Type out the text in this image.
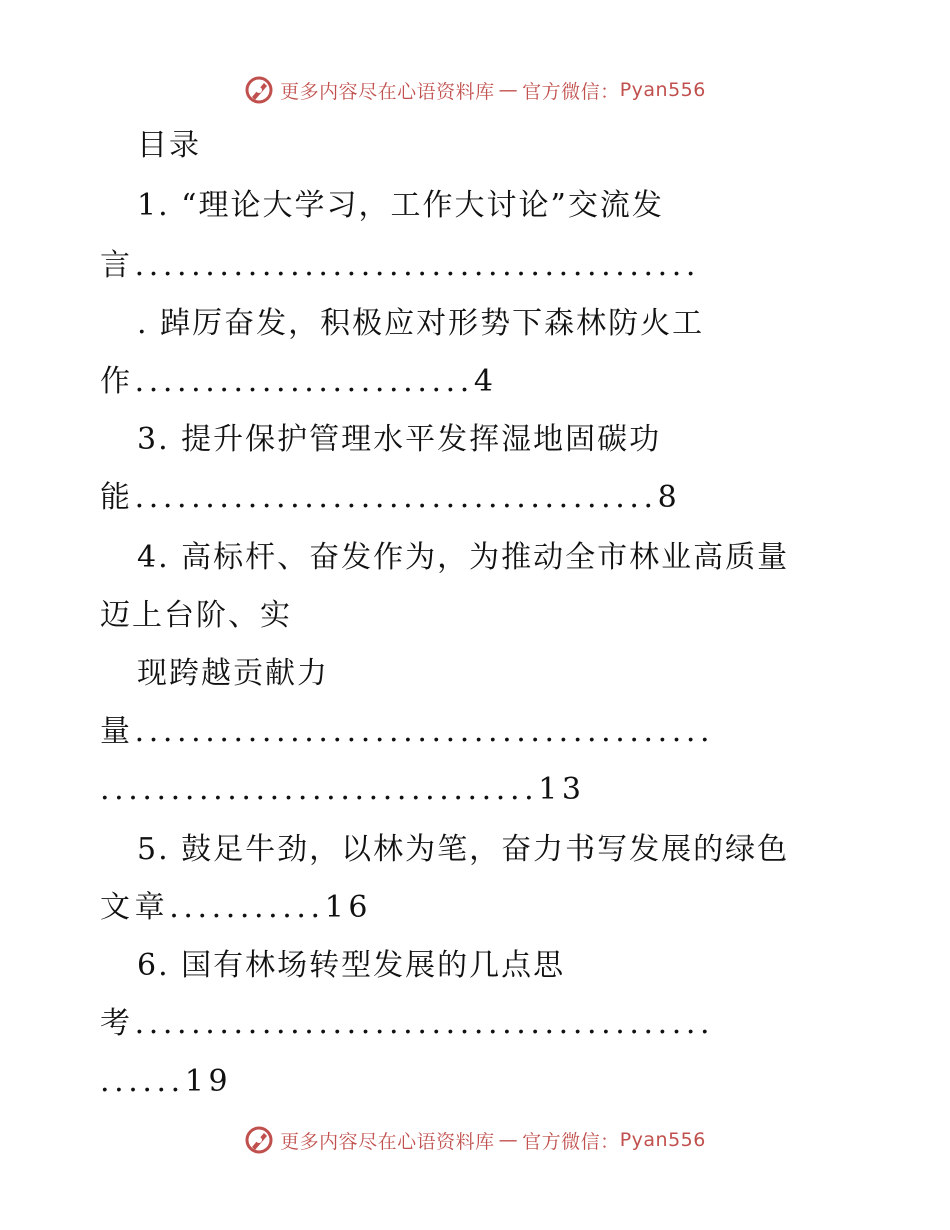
更多内容尽在心语资料库 — 官方微信： Pyan556
目录
1. “理论大学习，工作大讨论”交流发
言........................................
. 踔厉奋发，积极应对形势下森林防火工
作........................4
3. 提升保护管理水平发挥湿地固碳功
能.....................................8
4. 高标杆、奋发作为，为推动全市林业高质量
迈上台阶、实
现跨越贡献力
量.........................................
...............................13
5. 鼓足牛劲，以林为笔，奋力书写发展的绿色
文章...........16
6. 国有林场转型发展的几点思
考.........................................
......19
更多内容尽在心语资料库 — 官方微信： Pyan556
